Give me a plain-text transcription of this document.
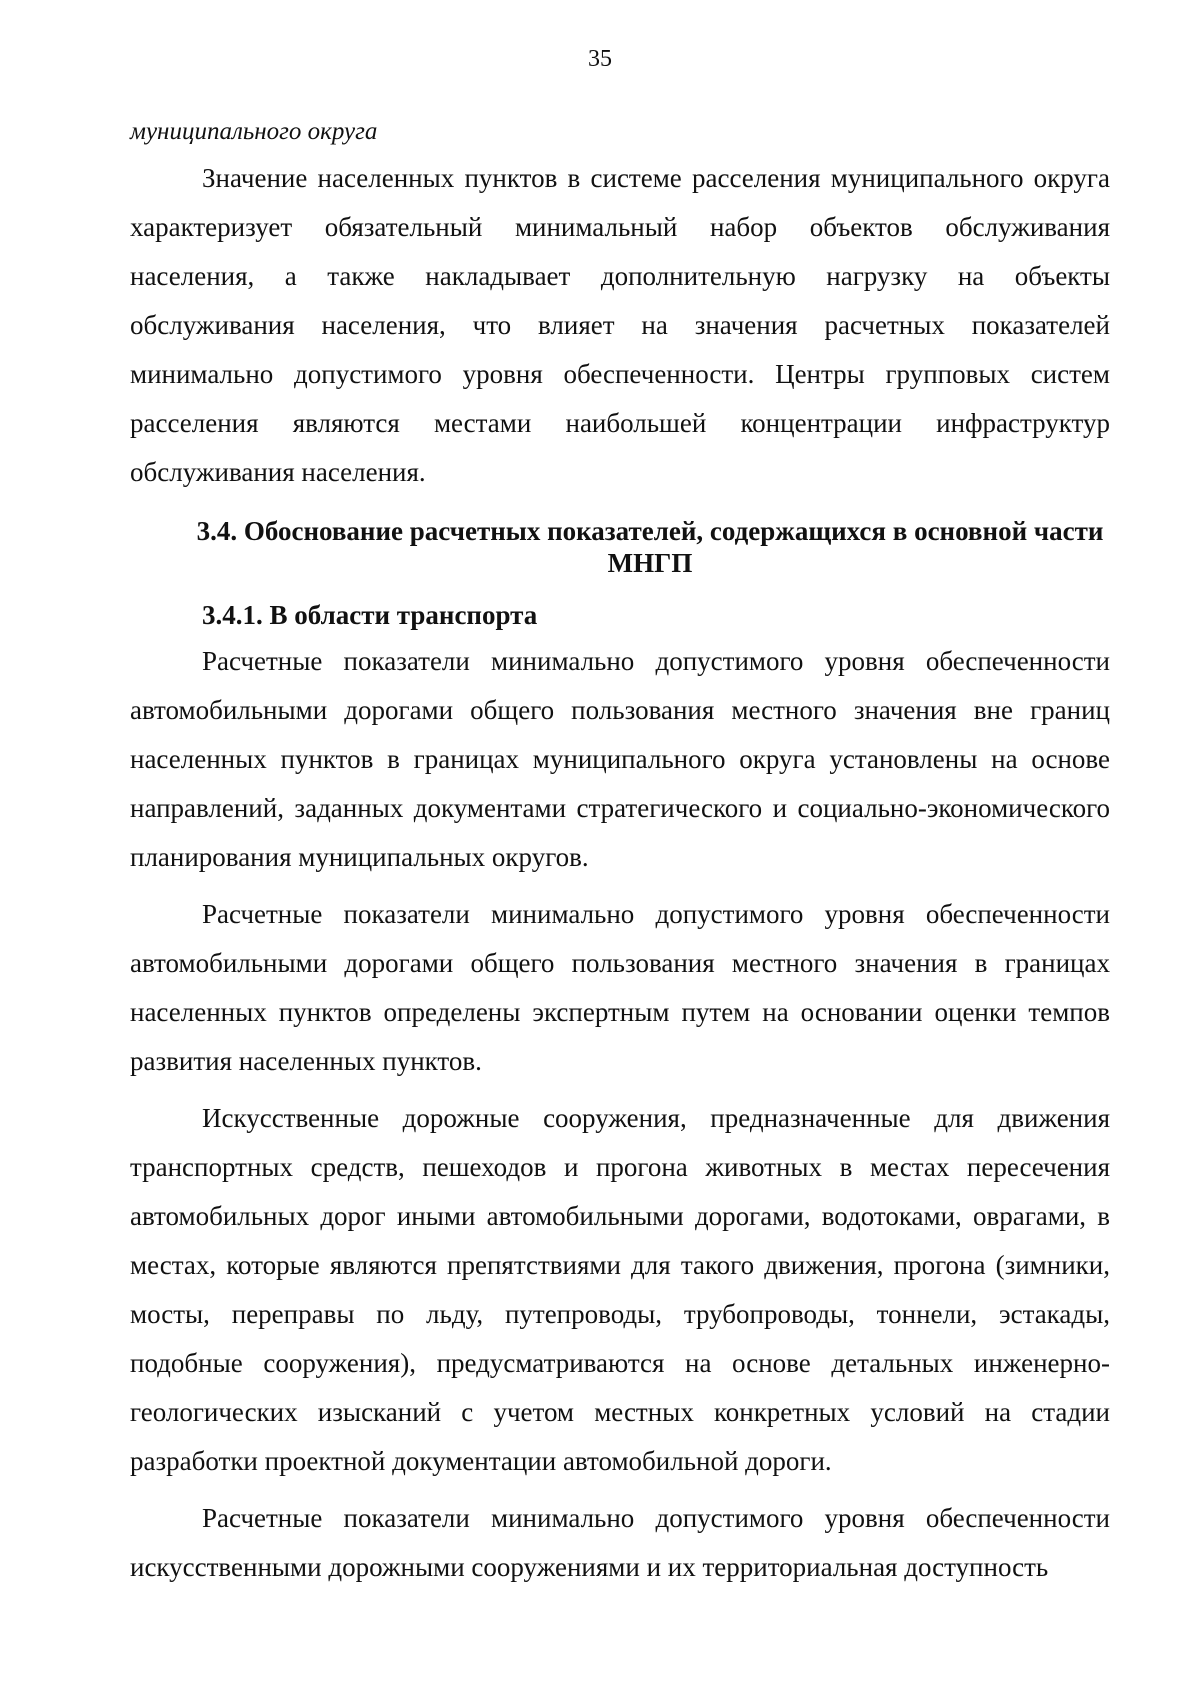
35

муниципального округа

Значение населенных пунктов в системе расселения муниципального округа характеризует обязательный минимальный набор объектов обслуживания населения, а также накладывает дополнительную нагрузку на объекты обслуживания населения, что влияет на значения расчетных показателей минимально допустимого уровня обеспеченности. Центры групповых систем расселения являются местами наибольшей концентрации инфраструктур обслуживания населения.

3.4. Обоснование расчетных показателей, содержащихся в основной части МНГП
3.4.1. В области транспорта

Расчетные показатели минимально допустимого уровня обеспеченности автомобильными дорогами общего пользования местного значения вне границ населенных пунктов в границах муниципального округа установлены на основе направлений, заданных документами стратегического и социально-экономического планирования муниципальных округов.

Расчетные показатели минимально допустимого уровня обеспеченности автомобильными дорогами общего пользования местного значения в границах населенных пунктов определены экспертным путем на основании оценки темпов развития населенных пунктов.

Искусственные дорожные сооружения, предназначенные для движения транспортных средств, пешеходов и прогона животных в местах пересечения автомобильных дорог иными автомобильными дорогами, водотоками, оврагами, в местах, которые являются препятствиями для такого движения, прогона (зимники, мосты, переправы по льду, путепроводы, трубопроводы, тоннели, эстакады, подобные сооружения), предусматриваются на основе детальных инженерно-геологических изысканий с учетом местных конкретных условий на стадии разработки проектной документации автомобильной дороги.

Расчетные показатели минимально допустимого уровня обеспеченности искусственными дорожными сооружениями и их территориальная доступность
